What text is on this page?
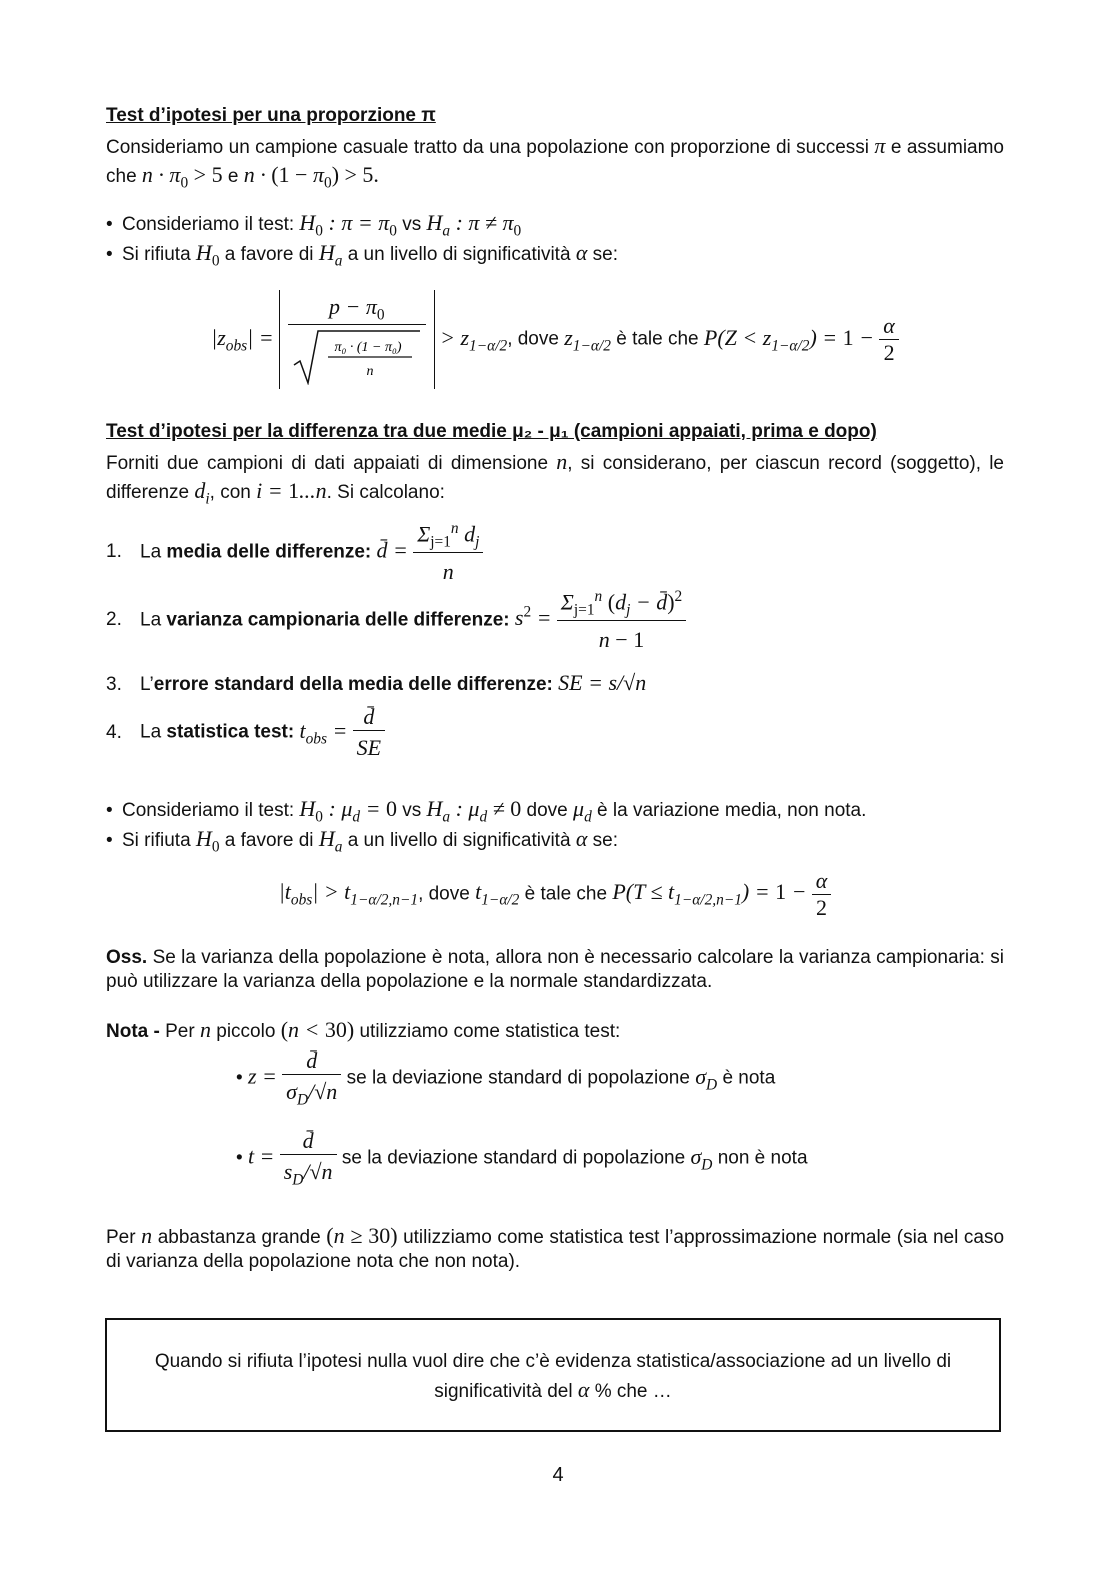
Test d’ipotesi per una proporzione π
Consideriamo un campione casuale tratto da una popolazione con proporzione di successi π e assumiamo che $n \cdot \pi_0 > 5$ e $n \cdot (1 - \pi_0) > 5$.
• Consideriamo il test: $H_0$ : $\pi = \pi_0$ vs $H_a$ : $\pi \ne \pi_0$
• Si rifiuta $H_0$ a favore di $H_a$ a un livello di significatività α se:
$|z_{obs}| = p - \pi_0$
π₀ · (1 − π₀)
$n > z_{1-\alpha/2}$, dove $z_{1-\alpha/2}$ è tale che $P(Z < z_{1-\alpha/2}) = 1 - \frac{\alpha}{2}$
Test d’ipotesi per la differenza tra due medie μ₂ - μ₁ (campioni appaiati, prima e dopo)
Forniti due campioni di dati appaiati di dimensione n, si considerano, per ciascun record (soggetto), le differenze $d_i$, con i = 1...n. Si calcolano:
1. La media delle differenze: d̄ = $\frac{\Sigma_{j=1}^n d_j}{n}$
2. La varianza campionaria delle differenze: $s^2 = \frac{\Sigma_{j=1}^n (d_j - d̄)^2}{n - 1}$
3. L’errore standard della media delle differenze: SE = s/√n
4. La statistica test: $t_{obs} = \frac{d̄}{SE}$
• Consideriamo il test: $H_0$ : $\mu_d = 0$ vs $H_a$ : $\mu_d \ne 0$ dove $\mu_d$ è la variazione media, non nota.
• Si rifiuta $H_0$ a favore di $H_a$ a un livello di significatività α se:
$|t_{obs}| > t_{1-\alpha/2,n-1}$, dove $t_{1-\alpha/2}$ è tale che $P(T \le t_{1-\alpha/2,n-1}) = 1 - \frac{\alpha}{2}$
Oss. Se la varianza della popolazione è nota, allora non è necessario calcolare la varianza campionaria: si può utilizzare la varianza della popolazione e la normale standardizzata.
Nota - Per n piccolo (n < 30) utilizziamo come statistica test:
• $z = \frac{d̄}{\sigma_D/√n}$ se la deviazione standard di popolazione $\sigma_D$ è nota
• $t = \frac{d̄}{s_D/√n}$ se la deviazione standard di popolazione $\sigma_D$ non è nota
Per n abbastanza grande (n ≥ 30) utilizziamo come statistica test l’approssimazione normale (sia nel caso di varianza della popolazione nota che non nota).
Quando si rifiuta l’ipotesi nulla vuol dire che c’è evidenza statistica/associazione ad un livello di significatività del α % che …
4
